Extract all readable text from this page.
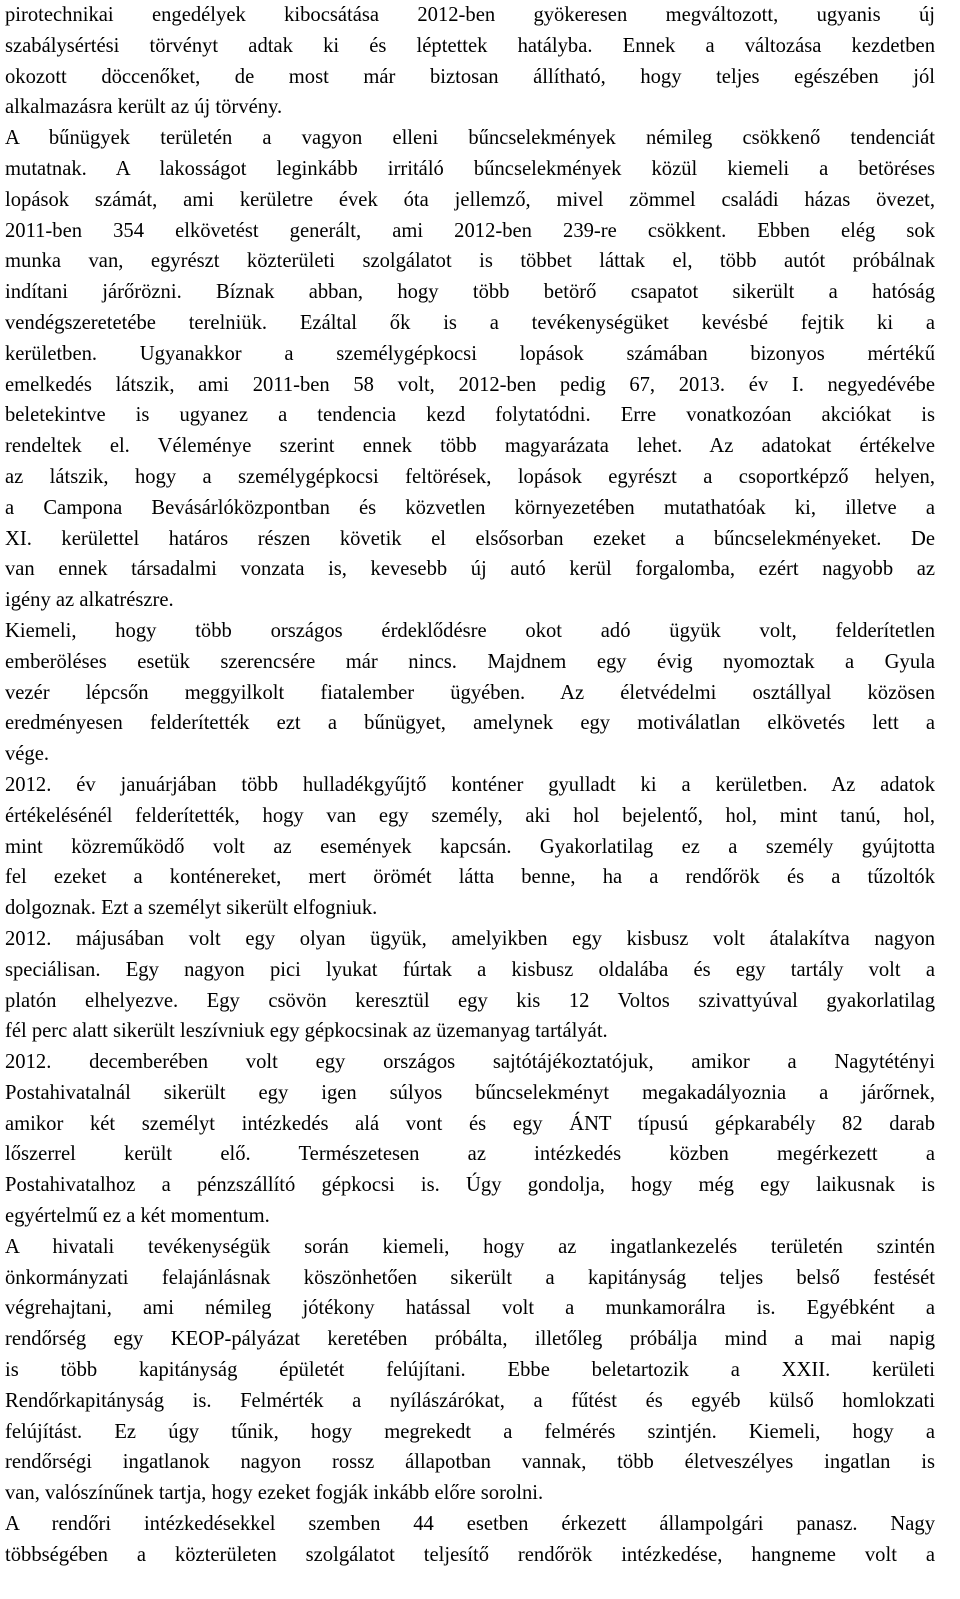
pirotechnikai engedélyek kibocsátása 2012-ben gyökeresen megváltozott, ugyanis új
szabálysértési törvényt adtak ki és léptettek hatályba. Ennek a változása kezdetben
okozott döccenőket, de most már biztosan állítható, hogy teljes egészében jól
alkalmazásra került az új törvény.

A bűnügyek területén a vagyon elleni bűncselekmények némileg csökkenő tendenciát
mutatnak. A lakosságot leginkább irritáló bűncselekmények közül kiemeli a betöréses
lopások számát, ami kerületre évek óta jellemző, mivel zömmel családi házas övezet,
2011-ben 354 elkövetést generált, ami 2012-ben 239-re csökkent. Ebben elég sok
munka van, egyrészt közterületi szolgálatot is többet láttak el, több autót próbálnak
indítani járőrözni. Bíznak abban, hogy több betörő csapatot sikerült a hatóság
vendégszeretetébe terelniük. Ezáltal ők is a tevékenységüket kevésbé fejtik ki a
kerületben. Ugyanakkor a személygépkocsi lopások számában bizonyos mértékű
emelkedés látszik, ami 2011-ben 58 volt, 2012-ben pedig 67, 2013. év I. negyedévébe
beletekintve is ugyanez a tendencia kezd folytatódni. Erre vonatkozóan akciókat is
rendeltek el. Véleménye szerint ennek több magyarázata lehet. Az adatokat értékelve
az látszik, hogy a személygépkocsi feltörések, lopások egyrészt a csoportképző helyen,
a Campona Bevásárlóközpontban és közvetlen környezetében mutathatóak ki, illetve a
XI. kerülettel határos részen követik el elsősorban ezeket a bűncselekményeket. De
van ennek társadalmi vonzata is, kevesebb új autó kerül forgalomba, ezért nagyobb az
igény az alkatrészre.

Kiemeli, hogy több országos érdeklődésre okot adó ügyük volt, felderítetlen
emberöléses esetük szerencsére már nincs. Majdnem egy évig nyomoztak a Gyula
vezér lépcsőn meggyilkolt fiatalember ügyében. Az életvédelmi osztállyal közösen
eredményesen felderítették ezt a bűnügyet, amelynek egy motiválatlan elkövetés lett a
vége.

2012. év januárjában több hulladékgyűjtő konténer gyulladt ki a kerületben. Az adatok
értékelésénél felderítették, hogy van egy személy, aki hol bejelentő, hol, mint tanú, hol,
mint közreműködő volt az események kapcsán. Gyakorlatilag ez a személy gyújtotta
fel ezeket a konténereket, mert örömét látta benne, ha a rendőrök és a tűzoltók
dolgoznak. Ezt a személyt sikerült elfogniuk.

2012. májusában volt egy olyan ügyük, amelyikben egy kisbusz volt átalakítva nagyon
speciálisan. Egy nagyon pici lyukat fúrtak a kisbusz oldalába és egy tartály volt a
platón elhelyezve. Egy csövön keresztül egy kis 12 Voltos szivattyúval gyakorlatilag
fél perc alatt sikerült leszívniuk egy gépkocsinak az üzemanyag tartályát.

2012. decemberében volt egy országos sajtótájékoztatójuk, amikor a Nagytétényi
Postahivatalnál sikerült egy igen súlyos bűncselekményt megakadályoznia a járőrnek,
amikor két személyt intézkedés alá vont és egy ÁNT típusú gépkarabély 82 darab
lőszerrel került elő. Természetesen az intézkedés közben megérkezett a
Postahivatalhoz a pénzszállító gépkocsi is. Úgy gondolja, hogy még egy laikusnak is
egyértelmű ez a két momentum.

A hivatali tevékenységük során kiemeli, hogy az ingatlankezelés területén szintén
önkormányzati felajánlásnak köszönhetően sikerült a kapitányság teljes belső festését
végrehajtani, ami némileg jótékony hatással volt a munkamorálra is. Egyébként a
rendőrség egy KEOP-pályázat keretében próbálta, illetőleg próbálja mind a mai napig
is több kapitányság épületét felújítani. Ebbe beletartozik a XXII. kerületi
Rendőrkapitányság is. Felmérték a nyílászárókat, a fűtést és egyéb külső homlokzati
felújítást. Ez úgy tűnik, hogy megrekedt a felmérés szintjén. Kiemeli, hogy a
rendőrségi ingatlanok nagyon rossz állapotban vannak, több életveszélyes ingatlan is
van, valószínűnek tartja, hogy ezeket fogják inkább előre sorolni.

A rendőri intézkedésekkel szemben 44 esetben érkezett állampolgári panasz. Nagy
többségében a közterületen szolgálatot teljesítő rendőrök intézkedése, hangneme volt a
